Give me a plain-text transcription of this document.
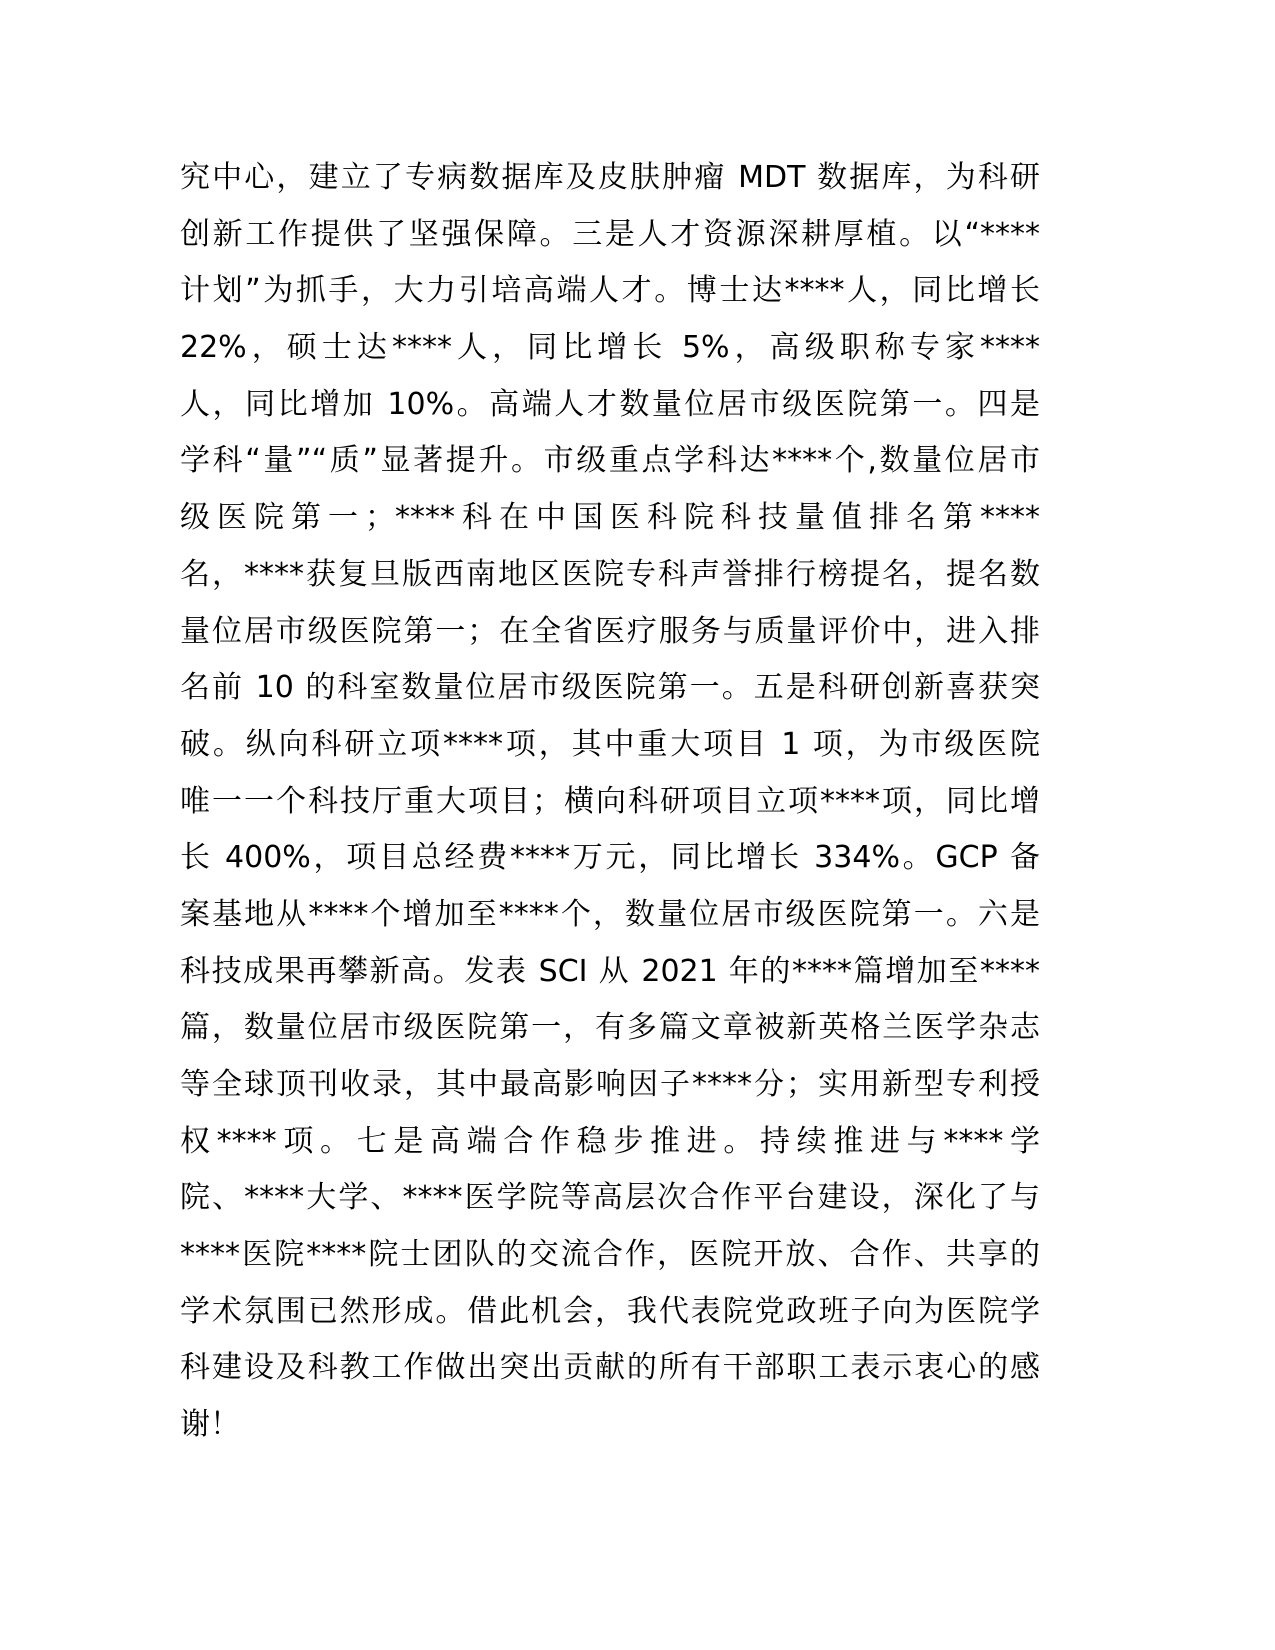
究中心，建立了专病数据库及皮肤肿瘤 MDT 数据库，为科研
创新工作提供了坚强保障。三是人才资源深耕厚植。以“****
计划”为抓手，大力引培高端人才。博士达****人，同比增长
22%，硕士达****人，同比增长 5%，高级职称专家****
人，同比增加 10%。高端人才数量位居市级医院第一。四是
学科“量”“质”显著提升。市级重点学科达****个,数量位居市
级医院第一；****科在中国医科院科技量值排名第****
名，****获复旦版西南地区医院专科声誉排行榜提名，提名数
量位居市级医院第一；在全省医疗服务与质量评价中，进入排
名前 10 的科室数量位居市级医院第一。五是科研创新喜获突
破。纵向科研立项****项，其中重大项目 1 项，为市级医院
唯一一个科技厅重大项目；横向科研项目立项****项，同比增
长 400%，项目总经费****万元，同比增长 334%。GCP 备
案基地从****个增加至****个，数量位居市级医院第一。六是
科技成果再攀新高。发表 SCI 从 2021 年的****篇增加至****
篇，数量位居市级医院第一，有多篇文章被新英格兰医学杂志
等全球顶刊收录，其中最高影响因子****分；实用新型专利授
权****项。七是高端合作稳步推进。持续推进与****学
院、****大学、****医学院等高层次合作平台建设，深化了与
****医院****院士团队的交流合作，医院开放、合作、共享的
学术氛围已然形成。借此机会，我代表院党政班子向为医院学
科建设及科教工作做出突出贡献的所有干部职工表示衷心的感
谢！
